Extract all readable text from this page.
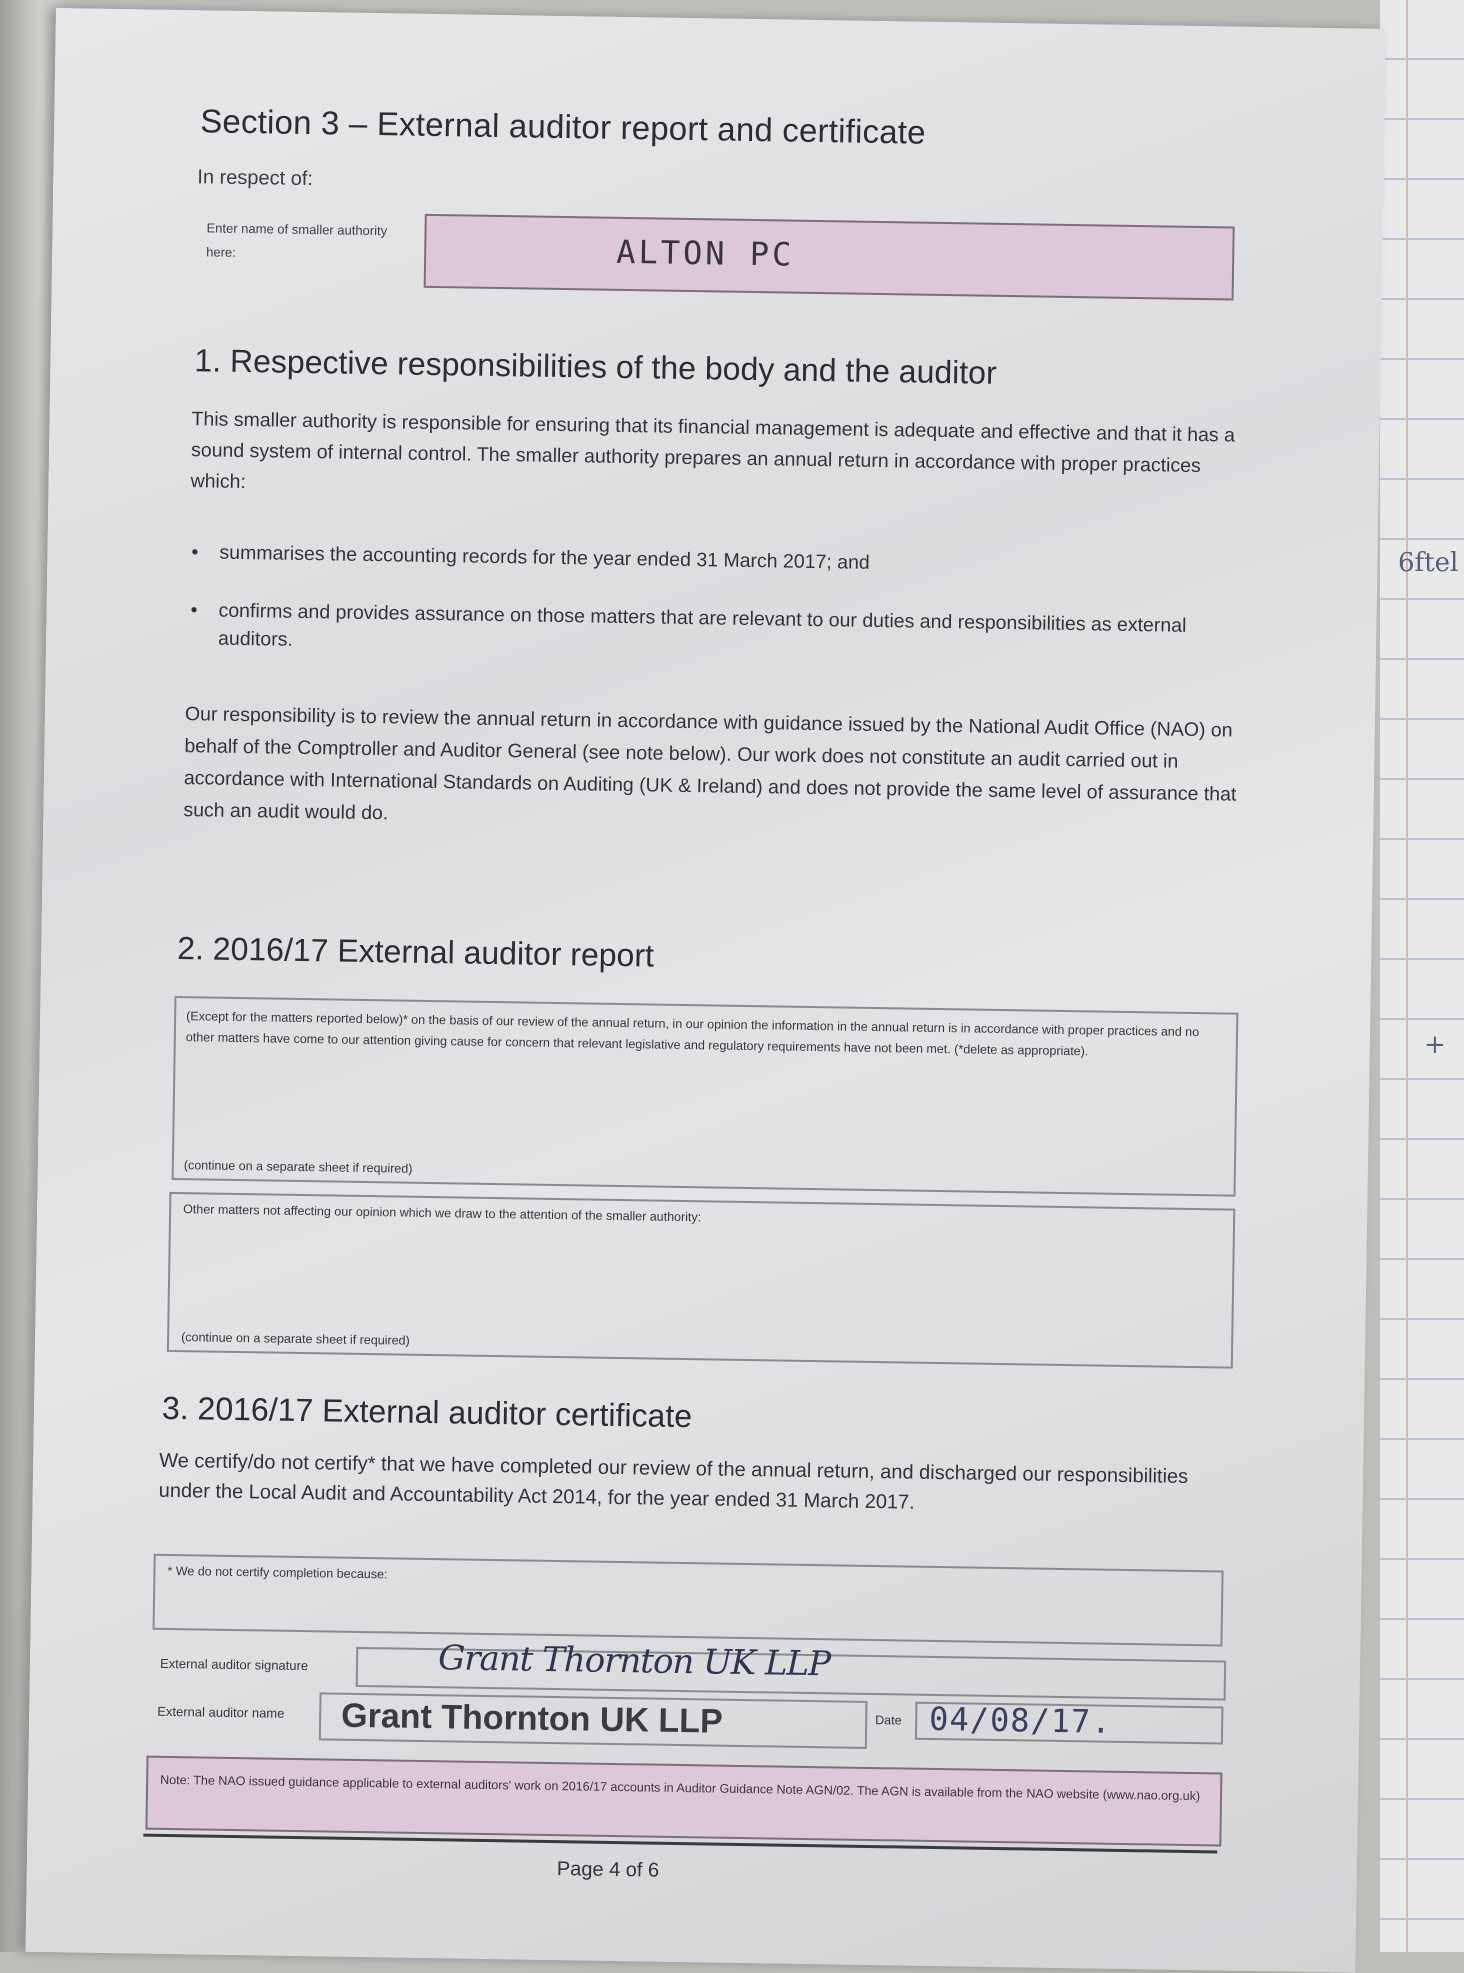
6ftel
+
Section 3 – External auditor report and certificate
In respect of:
Enter name of smaller authority here:	ALTON PC
1. Respective responsibilities of the body and the auditor
This smaller authority is responsible for ensuring that its financial management is adequate and effective and that it has a sound system of internal control. The smaller authority prepares an annual return in accordance with proper practices which:
• summarises the accounting records for the year ended 31 March 2017; and
• confirms and provides assurance on those matters that are relevant to our duties and responsibilities as external auditors.
Our responsibility is to review the annual return in accordance with guidance issued by the National Audit Office (NAO) on behalf of the Comptroller and Auditor General (see note below). Our work does not constitute an audit carried out in accordance with International Standards on Auditing (UK & Ireland) and does not provide the same level of assurance that such an audit would do.
2. 2016/17 External auditor report
(Except for the matters reported below)* on the basis of our review of the annual return, in our opinion the information in the annual return is in accordance with proper practices and no other matters have come to our attention giving cause for concern that relevant legislative and regulatory requirements have not been met. (*delete as appropriate).
(continue on a separate sheet if required)
Other matters not affecting our opinion which we draw to the attention of the smaller authority:
(continue on a separate sheet if required)
3. 2016/17 External auditor certificate
We certify/do not certify* that we have completed our review of the annual return, and discharged our responsibilities under the Local Audit and Accountability Act 2014, for the year ended 31 March 2017.
* We do not certify completion because:
External auditor signature	Grant Thornton UK LLP
External auditor name Grant Thornton UK LLP	Date 04/08/17.
Note: The NAO issued guidance applicable to external auditors' work on 2016/17 accounts in Auditor Guidance Note AGN/02. The AGN is available from the NAO website (www.nao.org.uk)
Page 4 of 6
